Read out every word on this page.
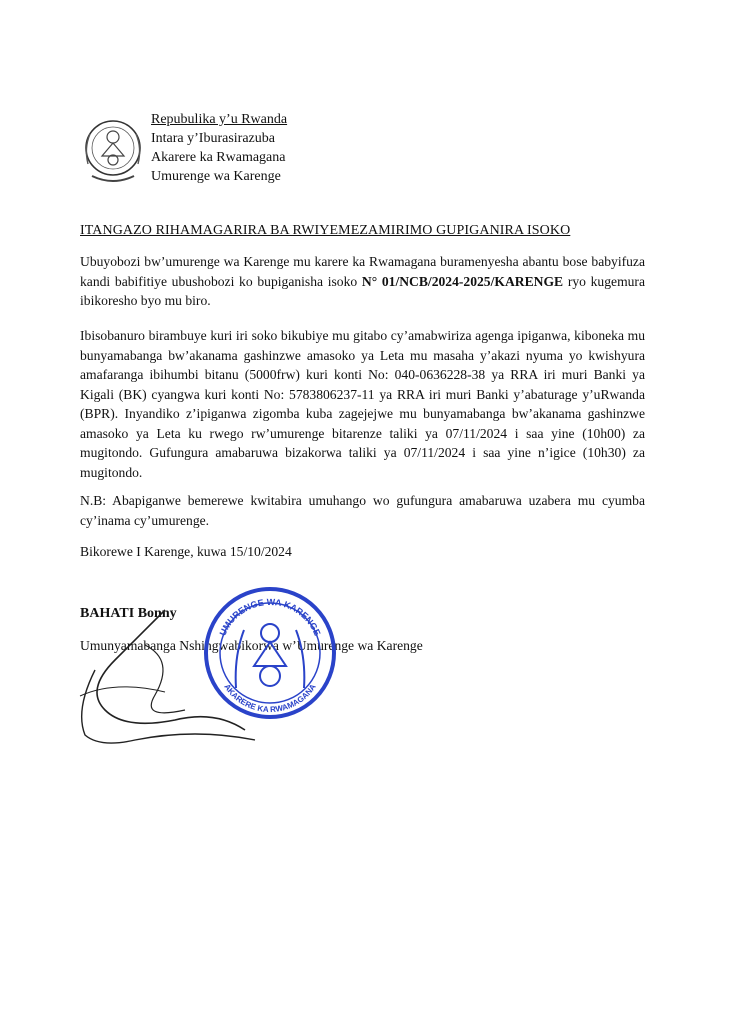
Repubulika y’u Rwanda
Intara y’Iburasirazuba
Akarere ka Rwamagana
Umurenge wa Karenge
ITANGAZO RIHAMAGARIRA BA RWIYEMEZAMIRIMO GUPIGANIRA ISOKO
Ubuyobozi bw’umurenge wa Karenge mu karere ka Rwamagana buramenyesha abantu bose babyifuza kandi babifitiye ubushobozi ko bupiganisha isoko N° 01/NCB/2024-2025/KARENGE ryo kugemura ibikoresho byo mu biro.
Ibisobanuro birambuye kuri iri soko bikubiye mu gitabo cy’amabwiriza agenga ipiganwa, kiboneka mu bunyamabanga bw’akanama gashinzwe amasoko ya Leta mu masaha y’akazi nyuma yo kwishyura amafaranga ibihumbi bitanu (5000frw) kuri konti No: 040-0636228-38 ya RRA iri muri Banki ya Kigali (BK) cyangwa kuri konti No: 5783806237-11 ya RRA iri muri Banki y’abaturage y’uRwanda (BPR). Inyandiko z’ipiganwa zigomba kuba zagejejwe mu bunyamabanga bw’akanama gashinzwe amasoko ya Leta ku rwego rw’umurenge bitarenze taliki ya 07/11/2024 i saa yine (10h00) za mugitondo. Gufungura amabaruwa bizakorwa taliki ya 07/11/2024 i saa yine n’igice (10h30) za mugitondo.
N.B: Abapiganwe bemerewe kwitabira umuhango wo gufungura amabaruwa uzabera mu cyumba cy’inama cy’umurenge.
Bikorewe I Karenge, kuwa 15/10/2024
BAHATI Bonny
Umunyamabanga Nshingwabikorwa w’Umurenge wa Karenge
UMURENGE WA KARENGE
AKARERE KA RWAMAGANA
